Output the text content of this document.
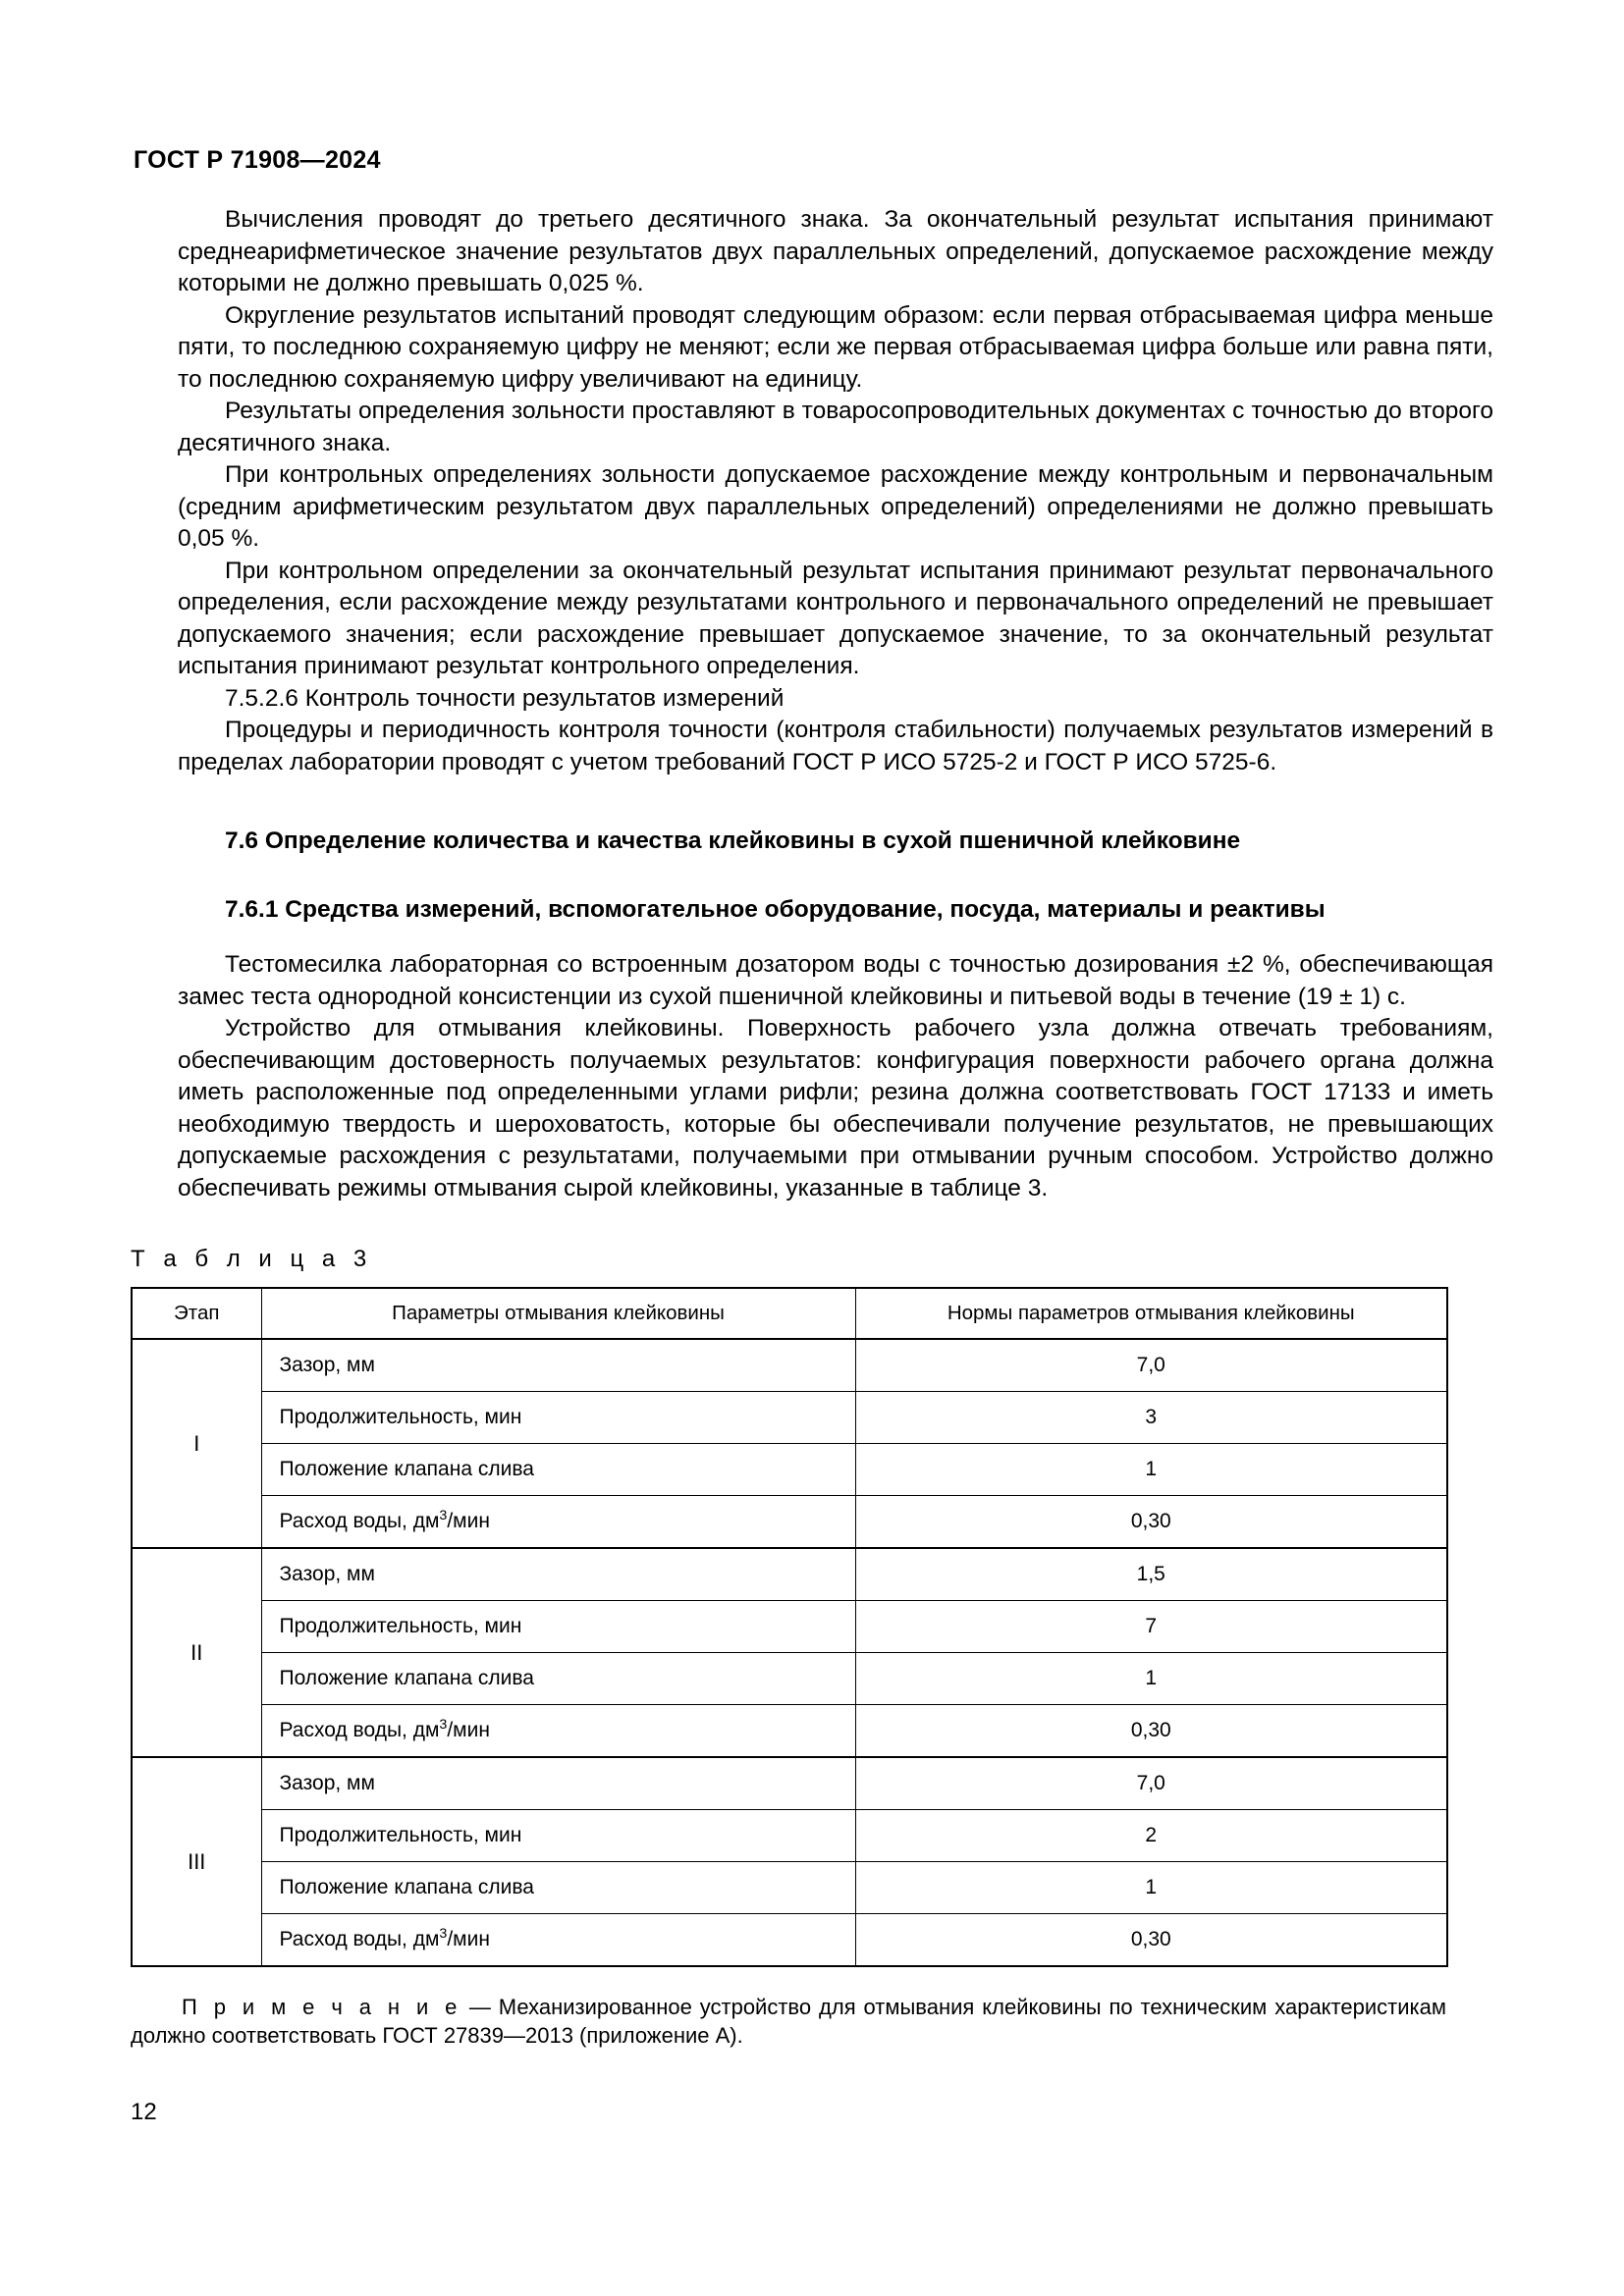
ГОСТ Р 71908—2024

Вычисления проводят до третьего десятичного знака. За окончательный результат испытания принимают среднеарифметическое значение результатов двух параллельных определений, допускаемое расхождение между которыми не должно превышать 0,025 %.

Округление результатов испытаний проводят следующим образом: если первая отбрасываемая цифра меньше пяти, то последнюю сохраняемую цифру не меняют; если же первая отбрасываемая цифра больше или равна пяти, то последнюю сохраняемую цифру увеличивают на единицу.

Результаты определения зольности проставляют в товаросопроводительных документах с точностью до второго десятичного знака.

При контрольных определениях зольности допускаемое расхождение между контрольным и первоначальным (средним арифметическим результатом двух параллельных определений) определениями не должно превышать 0,05 %.

При контрольном определении за окончательный результат испытания принимают результат первоначального определения, если расхождение между результатами контрольного и первоначального определений не превышает допускаемого значения; если расхождение превышает допускаемое значение, то за окончательный результат испытания принимают результат контрольного определения.

7.5.2.6 Контроль точности результатов измерений

Процедуры и периодичность контроля точности (контроля стабильности) получаемых результатов измерений в пределах лаборатории проводят с учетом требований ГОСТ Р ИСО 5725-2 и ГОСТ Р ИСО 5725-6.

7.6 Определение количества и качества клейковины в сухой пшеничной клейковине

7.6.1 Средства измерений, вспомогательное оборудование, посуда, материалы и реактивы

Тестомесилка лабораторная со встроенным дозатором воды с точностью дозирования ±2 %, обеспечивающая замес теста однородной консистенции из сухой пшеничной клейковины и питьевой воды в течение (19 ± 1) с.

Устройство для отмывания клейковины. Поверхность рабочего узла должна отвечать требованиям, обеспечивающим достоверность получаемых результатов: конфигурация поверхности рабочего органа должна иметь расположенные под определенными углами рифли; резина должна соответствовать ГОСТ 17133 и иметь необходимую твердость и шероховатость, которые бы обеспечивали получение результатов, не превышающих допускаемые расхождения с результатами, получаемыми при отмывании ручным способом. Устройство должно обеспечивать режимы отмывания сырой клейковины, указанные в таблице 3.

Т а б л и ц а 3
Этап	Параметры отмывания клейковины	Нормы параметров отмывания клейковины
I	Зазор, мм	7,0
	Продолжительность, мин	3
	Положение клапана слива	1
	Расход воды, $дм^3$/мин	0,30
II	Зазор, мм	1,5
	Продолжительность, мин	7
	Положение клапана слива	1
	Расход воды, $дм^3$/мин	0,30
III	Зазор, мм	7,0
	Продолжительность, мин	2
	Положение клапана слива	1
	Расход воды, $дм^3$/мин	0,30

П р и м е ч а н и е — Механизированное устройство для отмывания клейковины по техническим характеристикам должно соответствовать ГОСТ 27839—2013 (приложение А).

12
